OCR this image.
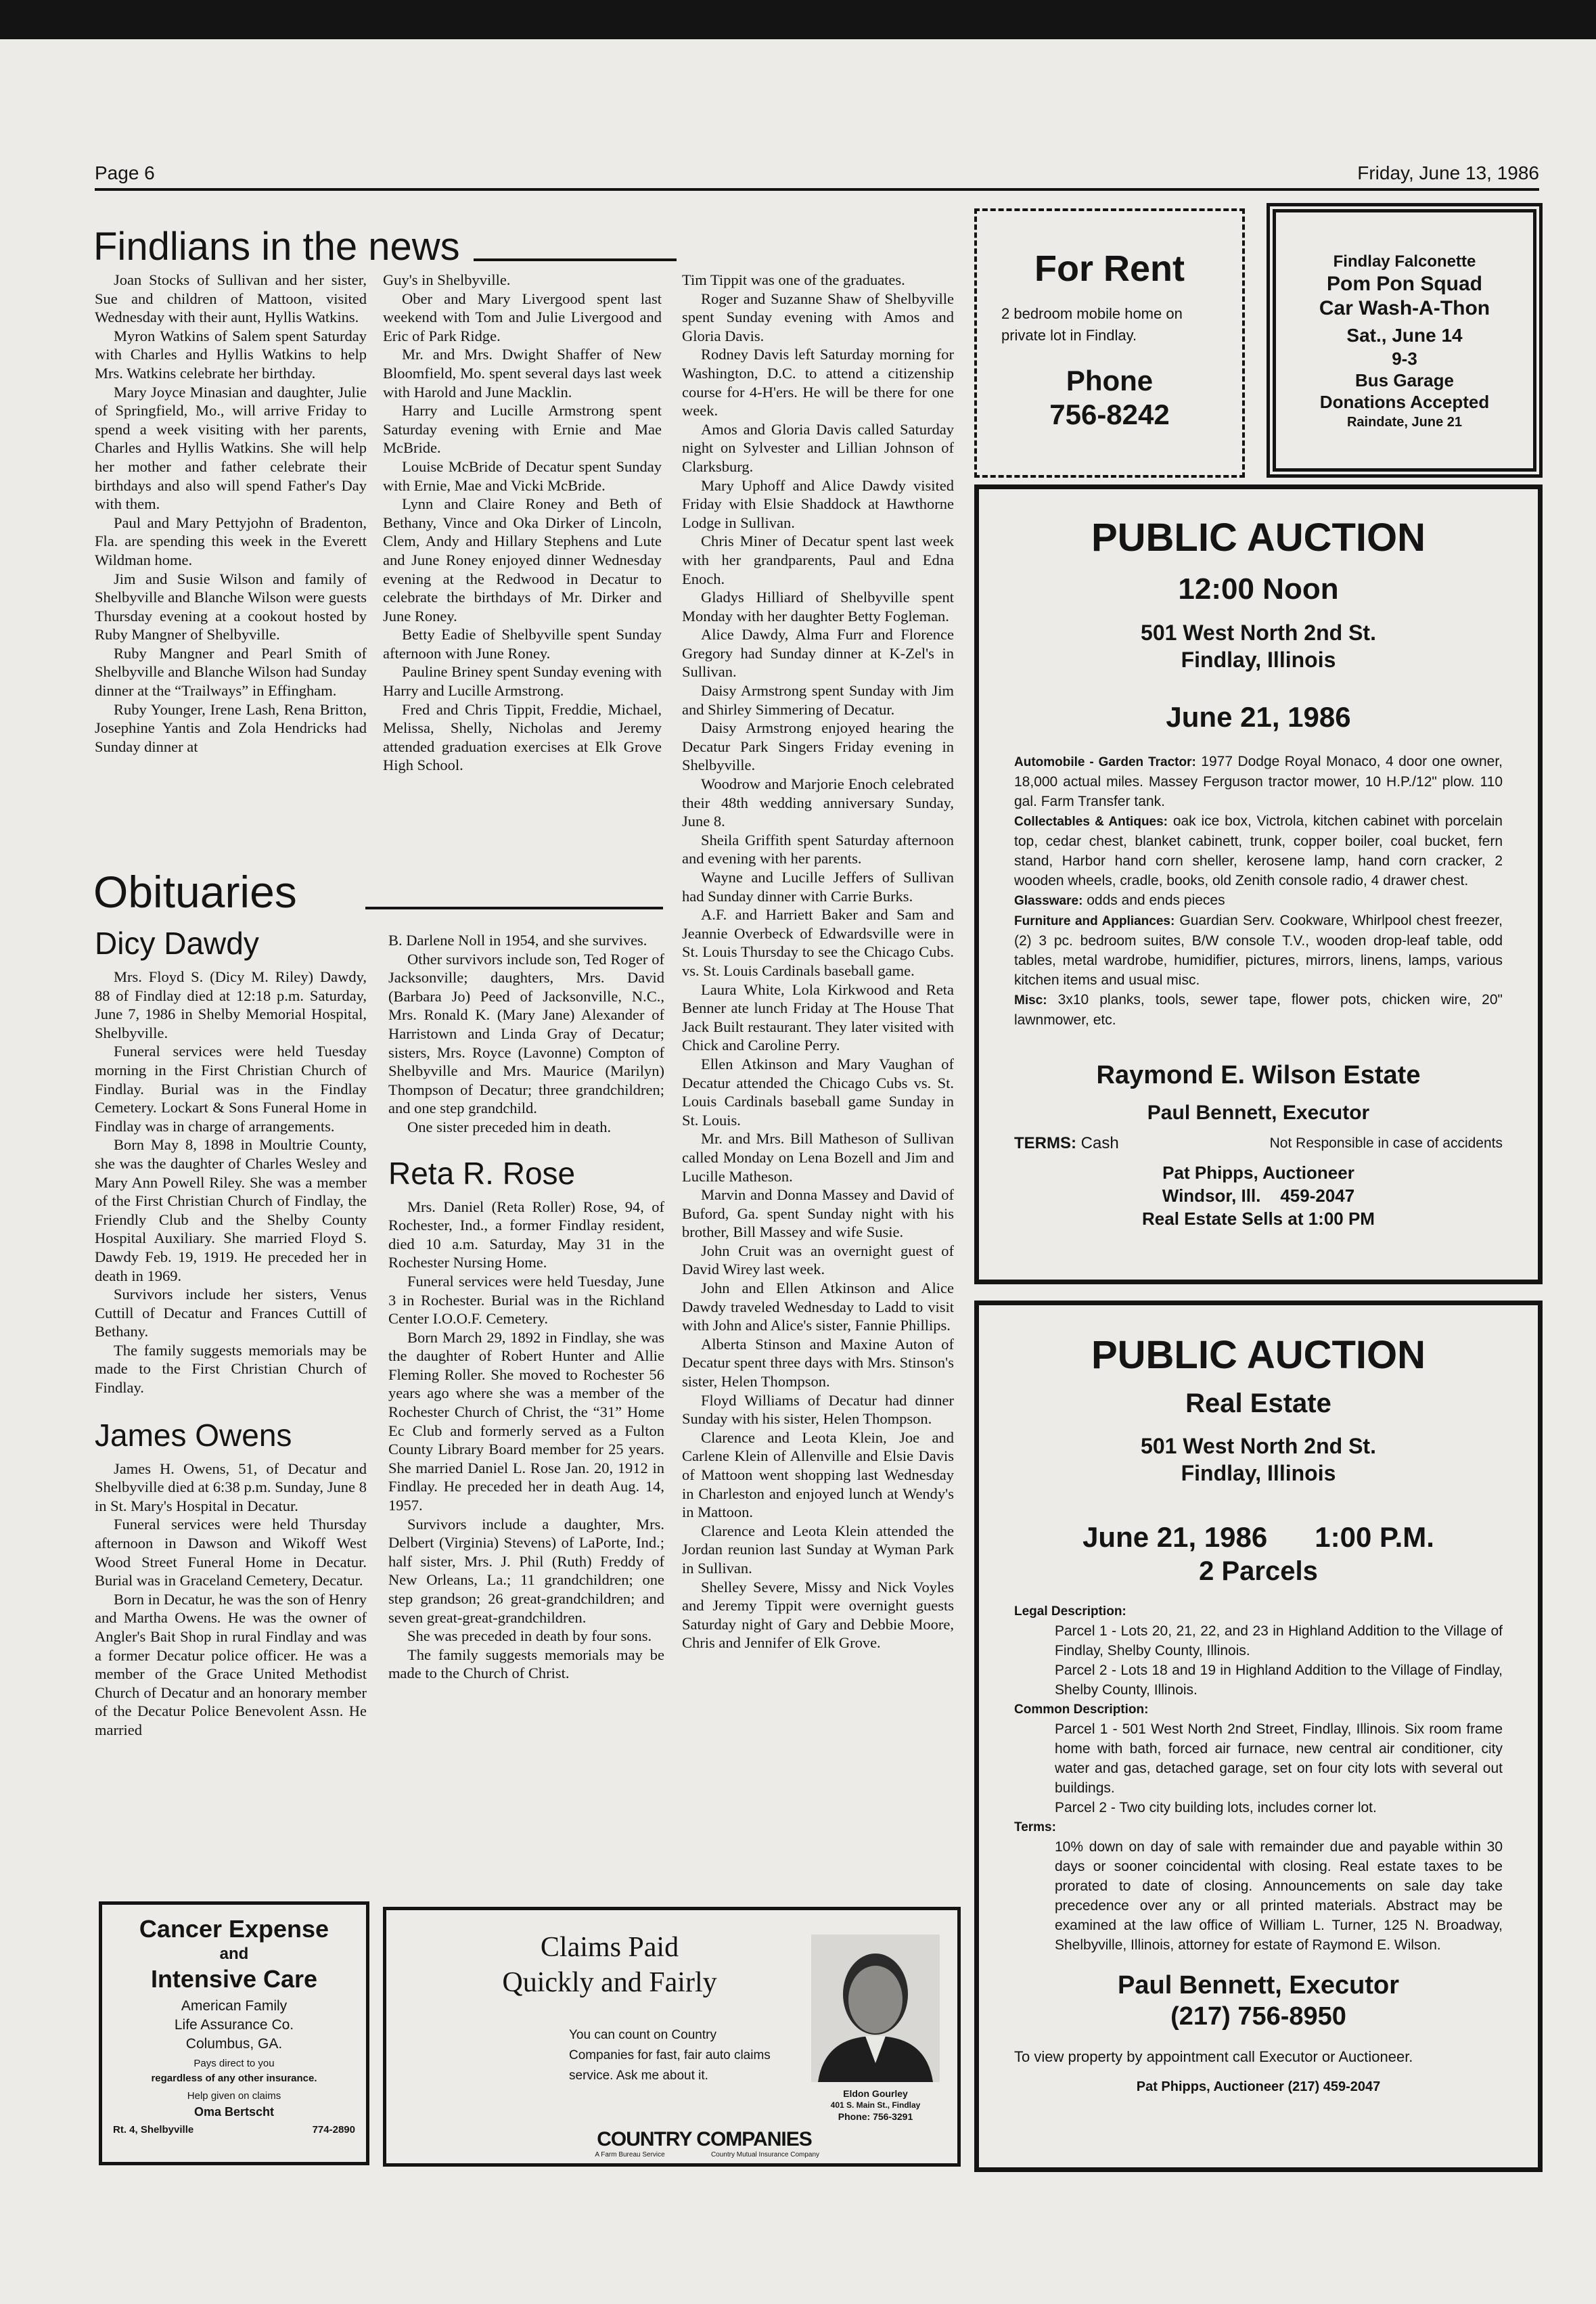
Page 6	Friday, June 13, 1986
Findlians in the news

Joan Stocks of Sullivan and her sister, Sue and children of Mattoon, visited Wednesday with their aunt, Hyllis Watkins.

Myron Watkins of Salem spent Saturday with Charles and Hyllis Watkins to help Mrs. Watkins celebrate her birthday.

Mary Joyce Minasian and daughter, Julie of Springfield, Mo., will arrive Friday to spend a week visiting with her parents, Charles and Hyllis Watkins. She will help her mother and father celebrate their birthdays and also will spend Father's Day with them.

Paul and Mary Pettyjohn of Bradenton, Fla. are spending this week in the Everett Wildman home.

Jim and Susie Wilson and family of Shelbyville and Blanche Wilson were guests Thursday evening at a cookout hosted by Ruby Mangner of Shelbyville.

Ruby Mangner and Pearl Smith of Shelbyville and Blanche Wilson had Sunday dinner at the “Trailways” in Effingham.

Ruby Younger, Irene Lash, Rena Britton, Josephine Yantis and Zola Hendricks had Sunday dinner at

Guy's in Shelbyville.

Ober and Mary Livergood spent last weekend with Tom and Julie Livergood and Eric of Park Ridge.

Mr. and Mrs. Dwight Shaffer of New Bloomfield, Mo. spent several days last week with Harold and June Macklin.

Harry and Lucille Armstrong spent Saturday evening with Ernie and Mae McBride.

Louise McBride of Decatur spent Sunday with Ernie, Mae and Vicki McBride.

Lynn and Claire Roney and Beth of Bethany, Vince and Oka Dirker of Lincoln, Clem, Andy and Hillary Stephens and Lute and June Roney enjoyed dinner Wednesday evening at the Redwood in Decatur to celebrate the birthdays of Mr. Dirker and June Roney.

Betty Eadie of Shelbyville spent Sunday afternoon with June Roney.

Pauline Briney spent Sunday evening with Harry and Lucille Armstrong.

Fred and Chris Tippit, Freddie, Michael, Melissa, Shelly, Nicholas and Jeremy attended graduation exercises at Elk Grove High School.

Tim Tippit was one of the graduates.

Roger and Suzanne Shaw of Shelbyville spent Sunday evening with Amos and Gloria Davis.

Rodney Davis left Saturday morning for Washington, D.C. to attend a citizenship course for 4-H'ers. He will be there for one week.

Amos and Gloria Davis called Saturday night on Sylvester and Lillian Johnson of Clarksburg.

Mary Uphoff and Alice Dawdy visited Friday with Elsie Shaddock at Hawthorne Lodge in Sullivan.

Chris Miner of Decatur spent last week with her grandparents, Paul and Edna Enoch.

Gladys Hilliard of Shelbyville spent Monday with her daughter Betty Fogleman.

Alice Dawdy, Alma Furr and Florence Gregory had Sunday dinner at K-Zel's in Sullivan.

Daisy Armstrong spent Sunday with Jim and Shirley Simmering of Decatur.

Daisy Armstrong enjoyed hearing the Decatur Park Singers Friday evening in Shelbyville.

Woodrow and Marjorie Enoch celebrated their 48th wedding anniversary Sunday, June 8.

Sheila Griffith spent Saturday afternoon and evening with her parents.

Wayne and Lucille Jeffers of Sullivan had Sunday dinner with Carrie Burks.

A.F. and Harriett Baker and Sam and Jeannie Overbeck of Edwardsville were in St. Louis Thursday to see the Chicago Cubs. vs. St. Louis Cardinals baseball game.

Laura White, Lola Kirkwood and Reta Benner ate lunch Friday at The House That Jack Built restaurant. They later visited with Chick and Caroline Perry.

Ellen Atkinson and Mary Vaughan of Decatur attended the Chicago Cubs vs. St. Louis Cardinals baseball game Sunday in St. Louis.

Mr. and Mrs. Bill Matheson of Sullivan called Monday on Lena Bozell and Jim and Lucille Matheson.

Marvin and Donna Massey and David of Buford, Ga. spent Sunday night with his brother, Bill Massey and wife Susie.

John Cruit was an overnight guest of David Wirey last week.

John and Ellen Atkinson and Alice Dawdy traveled Wednesday to Ladd to visit with John and Alice's sister, Fannie Phillips.

Alberta Stinson and Maxine Auton of Decatur spent three days with Mrs. Stinson's sister, Helen Thompson.

Floyd Williams of Decatur had dinner Sunday with his sister, Helen Thompson.

Clarence and Leota Klein, Joe and Carlene Klein of Allenville and Elsie Davis of Mattoon went shopping last Wednesday in Charleston and enjoyed lunch at Wendy's in Mattoon.

Clarence and Leota Klein attended the Jordan reunion last Sunday at Wyman Park in Sullivan.

Shelley Severe, Missy and Nick Voyles and Jeremy Tippit were overnight guests Saturday night of Gary and Debbie Moore, Chris and Jennifer of Elk Grove.

Obituaries
Dicy Dawdy

Mrs. Floyd S. (Dicy M. Riley) Dawdy, 88 of Findlay died at 12:18 p.m. Saturday, June 7, 1986 in Shelby Memorial Hospital, Shelbyville.

Funeral services were held Tuesday morning in the First Christian Church of Findlay. Burial was in the Findlay Cemetery. Lockart & Sons Funeral Home in Findlay was in charge of arrangements.

Born May 8, 1898 in Moultrie County, she was the daughter of Charles Wesley and Mary Ann Powell Riley. She was a member of the First Christian Church of Findlay, the Friendly Club and the Shelby County Hospital Auxiliary. She married Floyd S. Dawdy Feb. 19, 1919. He preceded her in death in 1969.

Survivors include her sisters, Venus Cuttill of Decatur and Frances Cuttill of Bethany.

The family suggests memorials may be made to the First Christian Church of Findlay.

James Owens

James H. Owens, 51, of Decatur and Shelbyville died at 6:38 p.m. Sunday, June 8 in St. Mary's Hospital in Decatur.

Funeral services were held Thursday afternoon in Dawson and Wikoff West Wood Street Funeral Home in Decatur. Burial was in Graceland Cemetery, Decatur.

Born in Decatur, he was the son of Henry and Martha Owens. He was the owner of Angler's Bait Shop in rural Findlay and was a former Decatur police officer. He was a member of the Grace United Methodist Church of Decatur and an honorary member of the Decatur Police Benevolent Assn. He married

B. Darlene Noll in 1954, and she survives.

Other survivors include son, Ted Roger of Jacksonville; daughters, Mrs. David (Barbara Jo) Peed of Jacksonville, N.C., Mrs. Ronald K. (Mary Jane) Alexander of Harristown and Linda Gray of Decatur; sisters, Mrs. Royce (Lavonne) Compton of Shelbyville and Mrs. Maurice (Marilyn) Thompson of Decatur; three grandchildren; and one step grandchild.

One sister preceded him in death.

Reta R. Rose

Mrs. Daniel (Reta Roller) Rose, 94, of Rochester, Ind., a former Findlay resident, died 10 a.m. Saturday, May 31 in the Rochester Nursing Home.

Funeral services were held Tuesday, June 3 in Rochester. Burial was in the Richland Center I.O.O.F. Cemetery.

Born March 29, 1892 in Findlay, she was the daughter of Robert Hunter and Allie Fleming Roller. She moved to Rochester 56 years ago where she was a member of the Rochester Church of Christ, the “31” Home Ec Club and formerly served as a Fulton County Library Board member for 25 years. She married Daniel L. Rose Jan. 20, 1912 in Findlay. He preceded her in death Aug. 14, 1957.

Survivors include a daughter, Mrs. Delbert (Virginia) Stevens) of LaPorte, Ind.; half sister, Mrs. J. Phil (Ruth) Freddy of New Orleans, La.; 11 grandchildren; one step grandson; 26 great-grandchildren; and seven great-great-grandchildren.

She was preceded in death by four sons.

The family suggests memorials may be made to the Church of Christ.

For Rent
2 bedroom mobile home on private lot in Findlay.
Phone
756-8242
Findlay Falconette
Pom Pon Squad
Car Wash-A-Thon
Sat., June 14
9-3
Bus Garage
Donations Accepted
Raindate, June 21
PUBLIC AUCTION
12:00 Noon
501 West North 2nd St.
Findlay, Illinois
June 21, 1986
Automobile - Garden Tractor: 1977 Dodge Royal Monaco, 4 door one owner, 18,000 actual miles. Massey Ferguson tractor mower, 10 H.P./12" plow. 110 gal. Farm Transfer tank.
Collectables & Antiques: oak ice box, Victrola, kitchen cabinet with porcelain top, cedar chest, blanket cabinett, trunk, copper boiler, coal bucket, fern stand, Harbor hand corn sheller, kerosene lamp, hand corn cracker, 2 wooden wheels, cradle, books, old Zenith console radio, 4 drawer chest.
Glassware: odds and ends pieces
Furniture and Appliances: Guardian Serv. Cookware, Whirlpool chest freezer, (2) 3 pc. bedroom suites, B/W console T.V., wooden drop-leaf table, odd tables, metal wardrobe, humidifier, pictures, mirrors, linens, lamps, various kitchen items and usual misc.
Misc: 3x10 planks, tools, sewer tape, flower pots, chicken wire, 20" lawnmower, etc.
Raymond E. Wilson Estate
Paul Bennett, Executor
TERMS: Cash	Not Responsible in case of accidents
Pat Phipps, Auctioneer
Windsor, Ill. 459-2047
Real Estate Sells at 1:00 PM
PUBLIC AUCTION
Real Estate
501 West North 2nd St.
Findlay, Illinois
June 21, 1986 1:00 P.M.
2 Parcels
Legal Description:
Parcel 1 - Lots 20, 21, 22, and 23 in Highland Addition to the Village of Findlay, Shelby County, Illinois.
Parcel 2 - Lots 18 and 19 in Highland Addition to the Village of Findlay, Shelby County, Illinois.
Common Description:
Parcel 1 - 501 West North 2nd Street, Findlay, Illinois. Six room frame home with bath, forced air furnace, new central air conditioner, city water and gas, detached garage, set on four city lots with several out buildings.
Parcel 2 - Two city building lots, includes corner lot.
Terms:
10% down on day of sale with remainder due and payable within 30 days or sooner coincidental with closing. Real estate taxes to be prorated to date of closing. Announcements on sale day take precedence over any or all printed materials. Abstract may be examined at the law office of William L. Turner, 125 N. Broadway, Shelbyville, Illinois, attorney for estate of Raymond E. Wilson.
Paul Bennett, Executor
(217) 756-8950
To view property by appointment call Executor or Auctioneer.
Pat Phipps, Auctioneer (217) 459-2047
Cancer Expense
and
Intensive Care
American Family
Life Assurance Co.
Columbus, GA.
Pays direct to you
regardless of any other insurance.
Help given on claims
Oma Bertscht
Rt. 4, Shelbyville	774-2890
Claims Paid
Quickly and Fairly
You can count on Country Companies for fast, fair auto claims service. Ask me about it.
Eldon Gourley
401 S. Main St., Findlay
Phone: 756-3291
COUNTRY COMPANIES
A Farm Bureau Service	Country Mutual Insurance Company
